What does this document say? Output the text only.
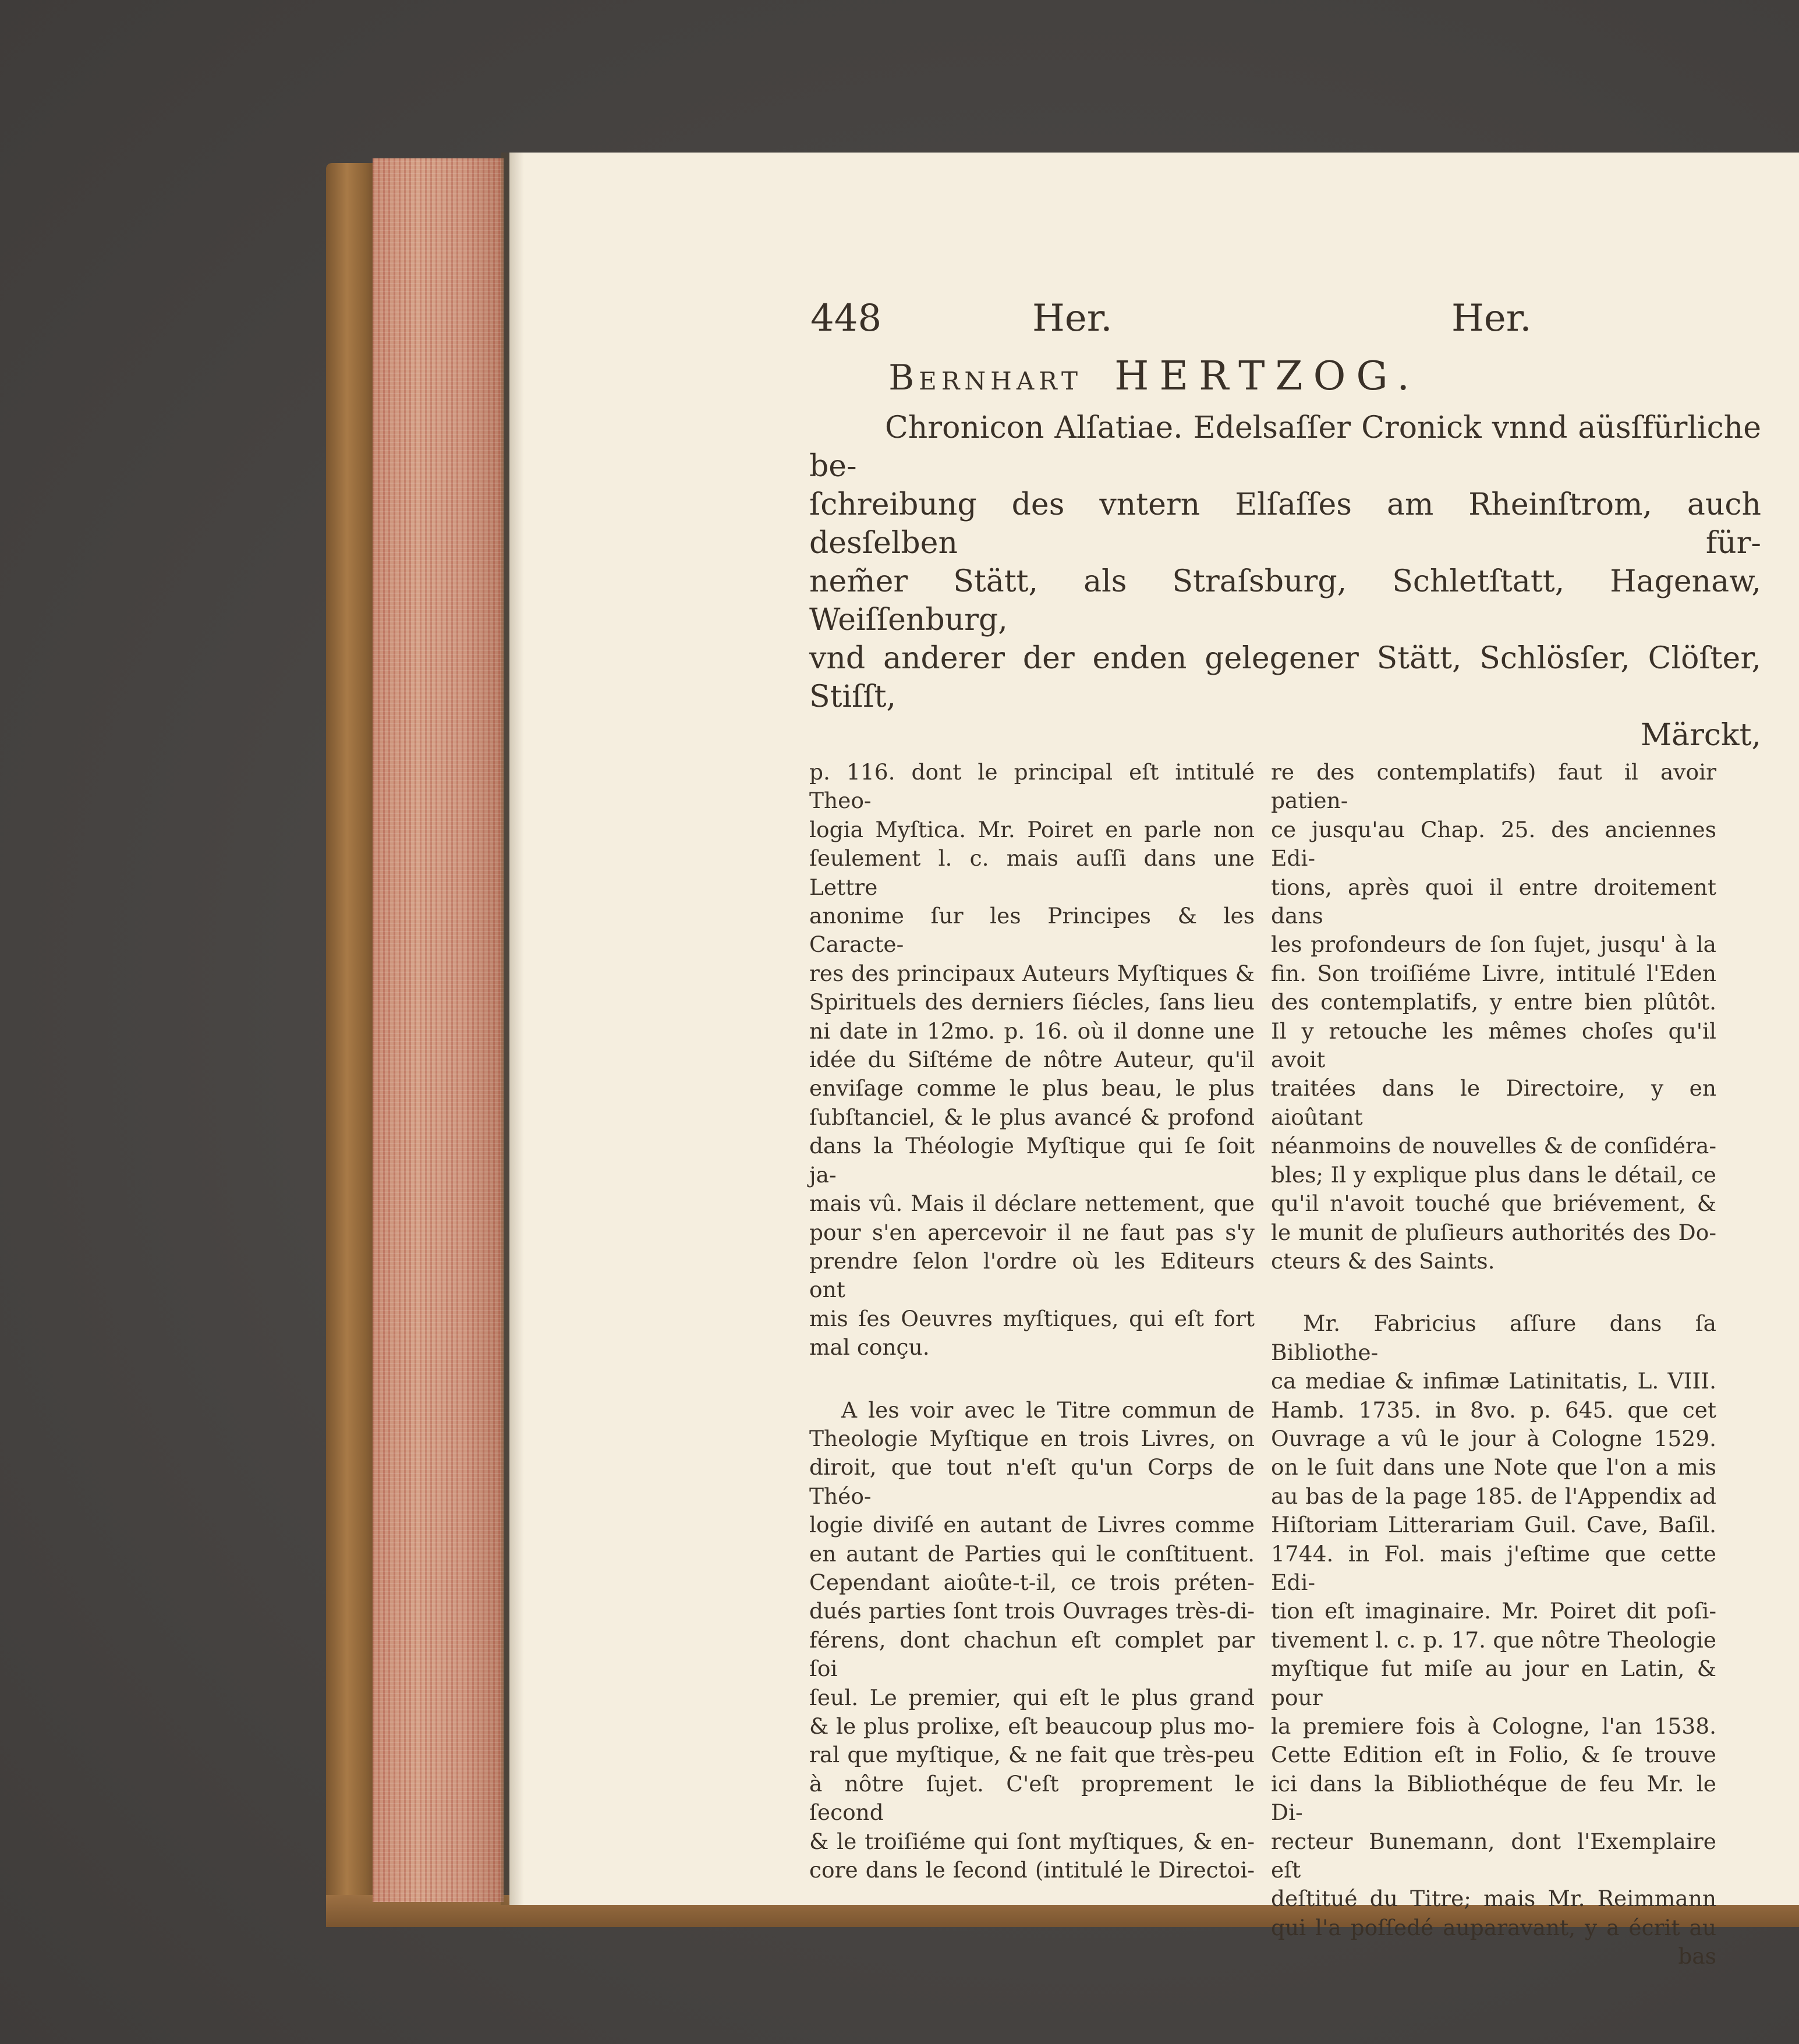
448	Her.	Her.
Bernhart HERTZOG.

Chronicon Alſatiae. Edelsaſſer Cronick vnnd aüsſfürliche be-

ſchreibung des vntern Elſaſſes am Rheinſtrom, auch desſelben für-

nem̃er Stätt, als Straſsburg, Schletſtatt, Hagenaw, Weiſſenburg,

vnd anderer der enden gelegener Stätt, Schlösſer, Clöſter, Stiſſt,

Märckt,

p. 116. dont le principal eſt intitulé Theo-

logia Myſtica. Mr. Poiret en parle non

ſeulement l. c. mais auſſi dans une Lettre

anonime ſur les Principes & les Caracte-

res des principaux Auteurs Myſtiques &

Spirituels des derniers ſiécles, ſans lieu

ni date in 12mo. p. 16. où il donne une

idée du Siſtéme de nôtre Auteur, qu'il

enviſage comme le plus beau, le plus

ſubſtanciel, & le plus avancé & profond

dans la Théologie Myſtique qui ſe ſoit ja-

mais vû. Mais il déclare nettement, que

pour s'en apercevoir il ne faut pas s'y

prendre ſelon l'ordre où les Editeurs ont

mis ſes Oeuvres myſtiques, qui eſt fort

mal conçu.

A les voir avec le Titre commun de

Theologie Myſtique en trois Livres, on

diroit, que tout n'eſt qu'un Corps de Théo-

logie diviſé en autant de Livres comme

en autant de Parties qui le conſtituent.

Cependant aioûte-t-il, ce trois préten-

dués parties ſont trois Ouvrages très-di-

férens, dont chachun eſt complet par ſoi

ſeul. Le premier, qui eſt le plus grand

& le plus prolixe, eſt beaucoup plus mo-

ral que myſtique, & ne fait que très-peu

à nôtre ſujet. C'eſt proprement le ſecond

& le troiſiéme qui ſont myſtiques, & en-

core dans le ſecond (intitulé le Directoi-

re des contemplatifs) faut il avoir patien-

ce jusqu'au Chap. 25. des anciennes Edi-

tions, après quoi il entre droitement dans

les profondeurs de ſon ſujet, jusqu' à la

fin. Son troiſiéme Livre, intitulé l'Eden

des contemplatifs, y entre bien plûtôt.

Il y retouche les mêmes choſes qu'il avoit

traitées dans le Directoire, y en aioûtant

néanmoins de nouvelles & de conſidéra-

bles; Il y explique plus dans le détail, ce

qu'il n'avoit touché que briévement, &

le munit de pluſieurs authorités des Do-

cteurs & des Saints.

Mr. Fabricius aſſure dans ſa Bibliothe-

ca mediae & infimæ Latinitatis, L. VIII.

Hamb. 1735. in 8vo. p. 645. que cet

Ouvrage a vû le jour à Cologne 1529.

on le ſuit dans une Note que l'on a mis

au bas de la page 185. de l'Appendix ad

Hiſtoriam Litterariam Guil. Cave, Baſil.

1744. in Fol. mais j'eſtime que cette Edi-

tion eſt imaginaire. Mr. Poiret dit poſi-

tivement l. c. p. 17. que nôtre Theologie

myſtique fut miſe au jour en Latin, & pour

la premiere fois à Cologne, l'an 1538.

Cette Edition eſt in Folio, & ſe trouve

ici dans la Bibliothéque de feu Mr. le Di-

recteur Bunemann, dont l'Exemplaire eſt

deſtitué du Titre; mais Mr. Reimmann

qui l'a poſſedé auparavant, y a écrit au

bas
